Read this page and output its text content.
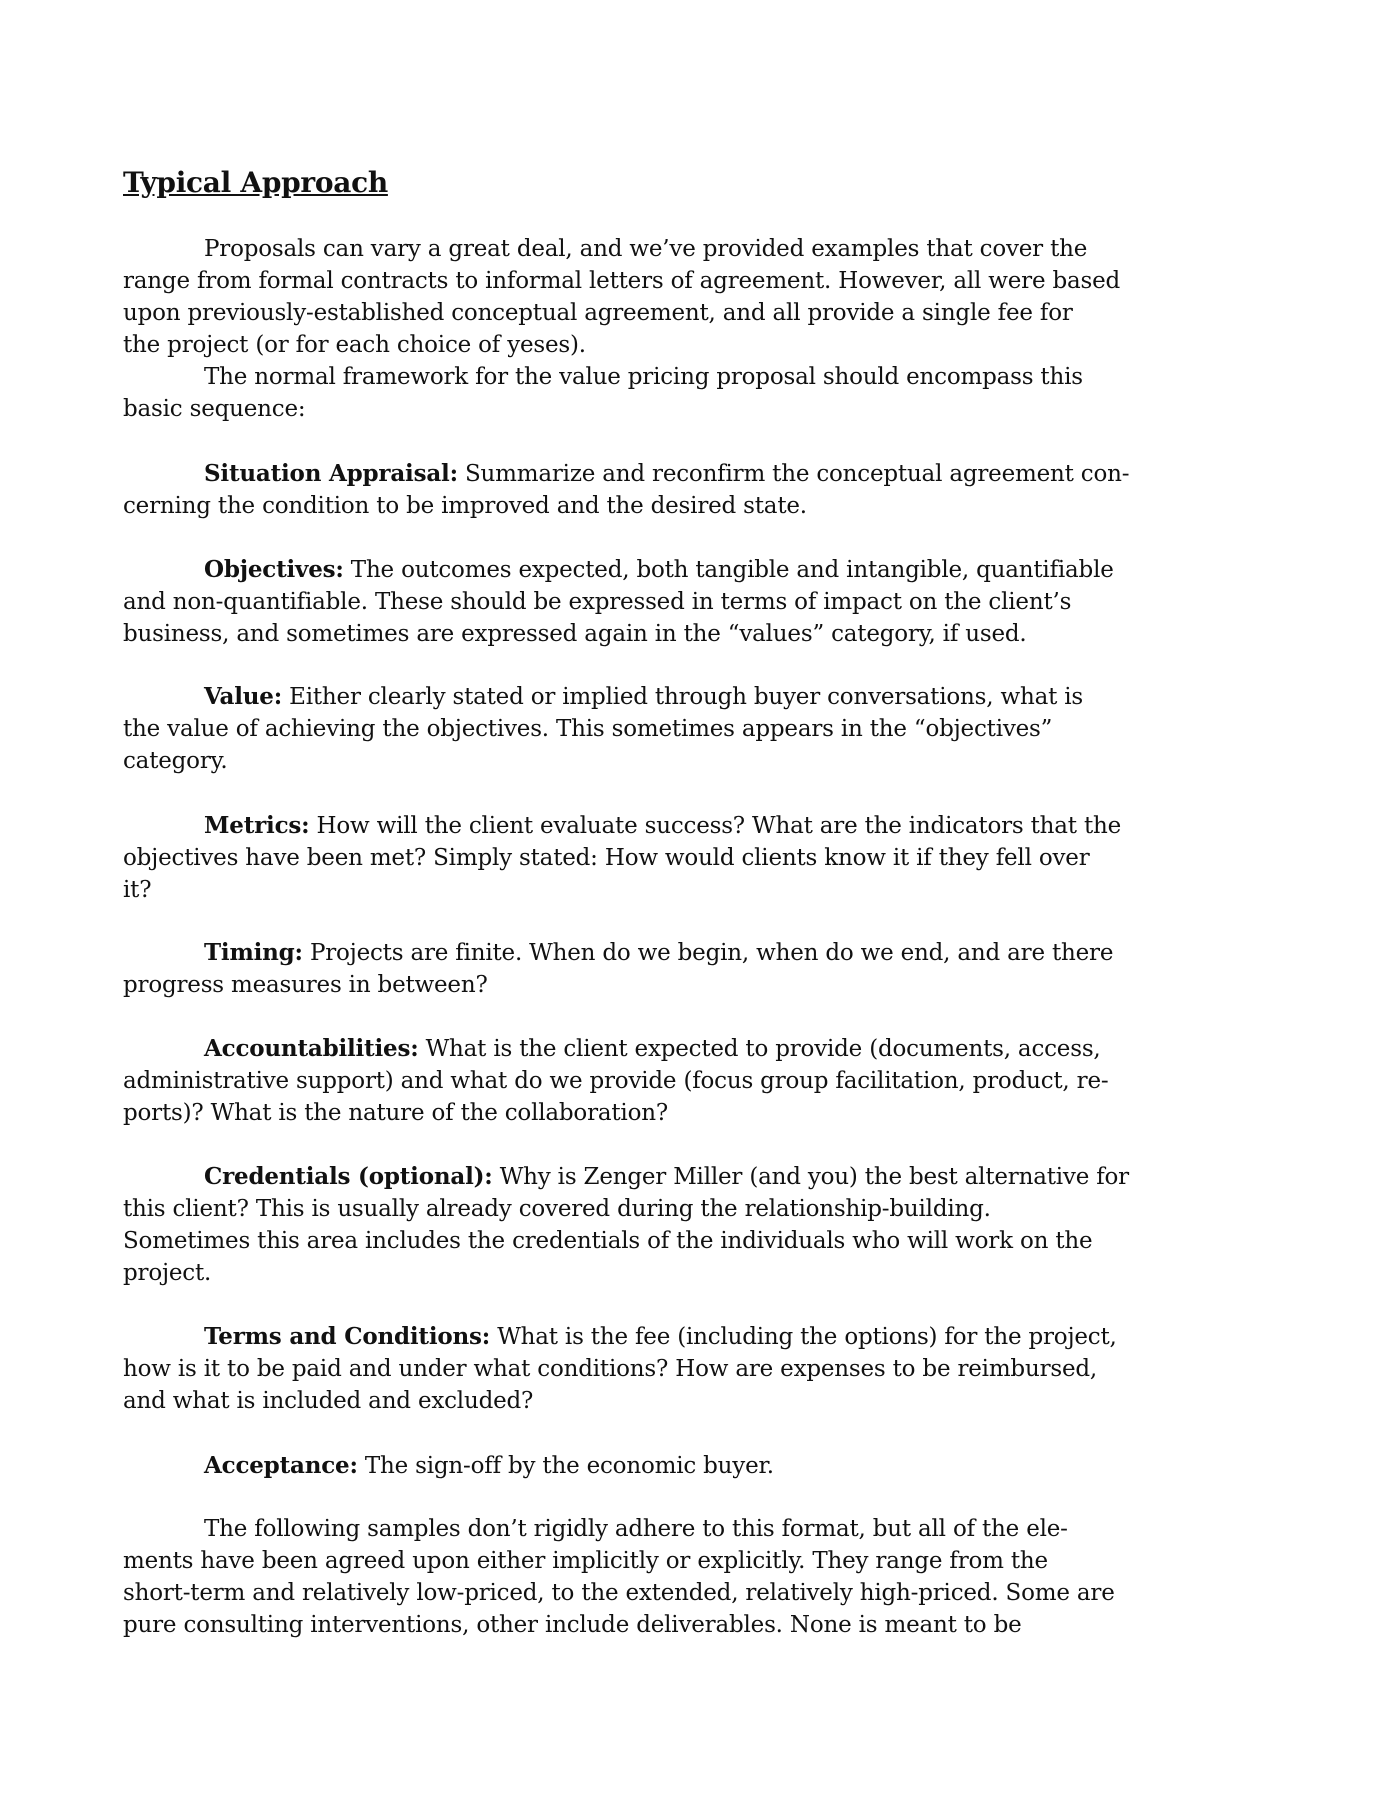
Typical Approach
Proposals can vary a great deal, and we’ve provided examples that cover the
range from formal contracts to informal letters of agreement. However, all were based
upon previously-established conceptual agreement, and all provide a single fee for
the project (or for each choice of yeses).
The normal framework for the value pricing proposal should encompass this
basic sequence:
Situation Appraisal: Summarize and reconfirm the conceptual agreement con-
cerning the condition to be improved and the desired state.
Objectives: The outcomes expected, both tangible and intangible, quantifiable
and non-quantifiable. These should be expressed in terms of impact on the client’s
business, and sometimes are expressed again in the “values” category, if used.
Value: Either clearly stated or implied through buyer conversations, what is
the value of achieving the objectives. This sometimes appears in the “objectives”
category.
Metrics: How will the client evaluate success? What are the indicators that the
objectives have been met? Simply stated: How would clients know it if they fell over
it?
Timing: Projects are finite. When do we begin, when do we end, and are there
progress measures in between?
Accountabilities: What is the client expected to provide (documents, access,
administrative support) and what do we provide (focus group facilitation, product, re-
ports)? What is the nature of the collaboration?
Credentials (optional): Why is Zenger Miller (and you) the best alternative for
this client? This is usually already covered during the relationship-building.
Sometimes this area includes the credentials of the individuals who will work on the
project.
Terms and Conditions: What is the fee (including the options) for the project,
how is it to be paid and under what conditions? How are expenses to be reimbursed,
and what is included and excluded?
Acceptance: The sign-off by the economic buyer.
The following samples don’t rigidly adhere to this format, but all of the ele-
ments have been agreed upon either implicitly or explicitly. They range from the
short-term and relatively low-priced, to the extended, relatively high-priced. Some are
pure consulting interventions, other include deliverables. None is meant to be
